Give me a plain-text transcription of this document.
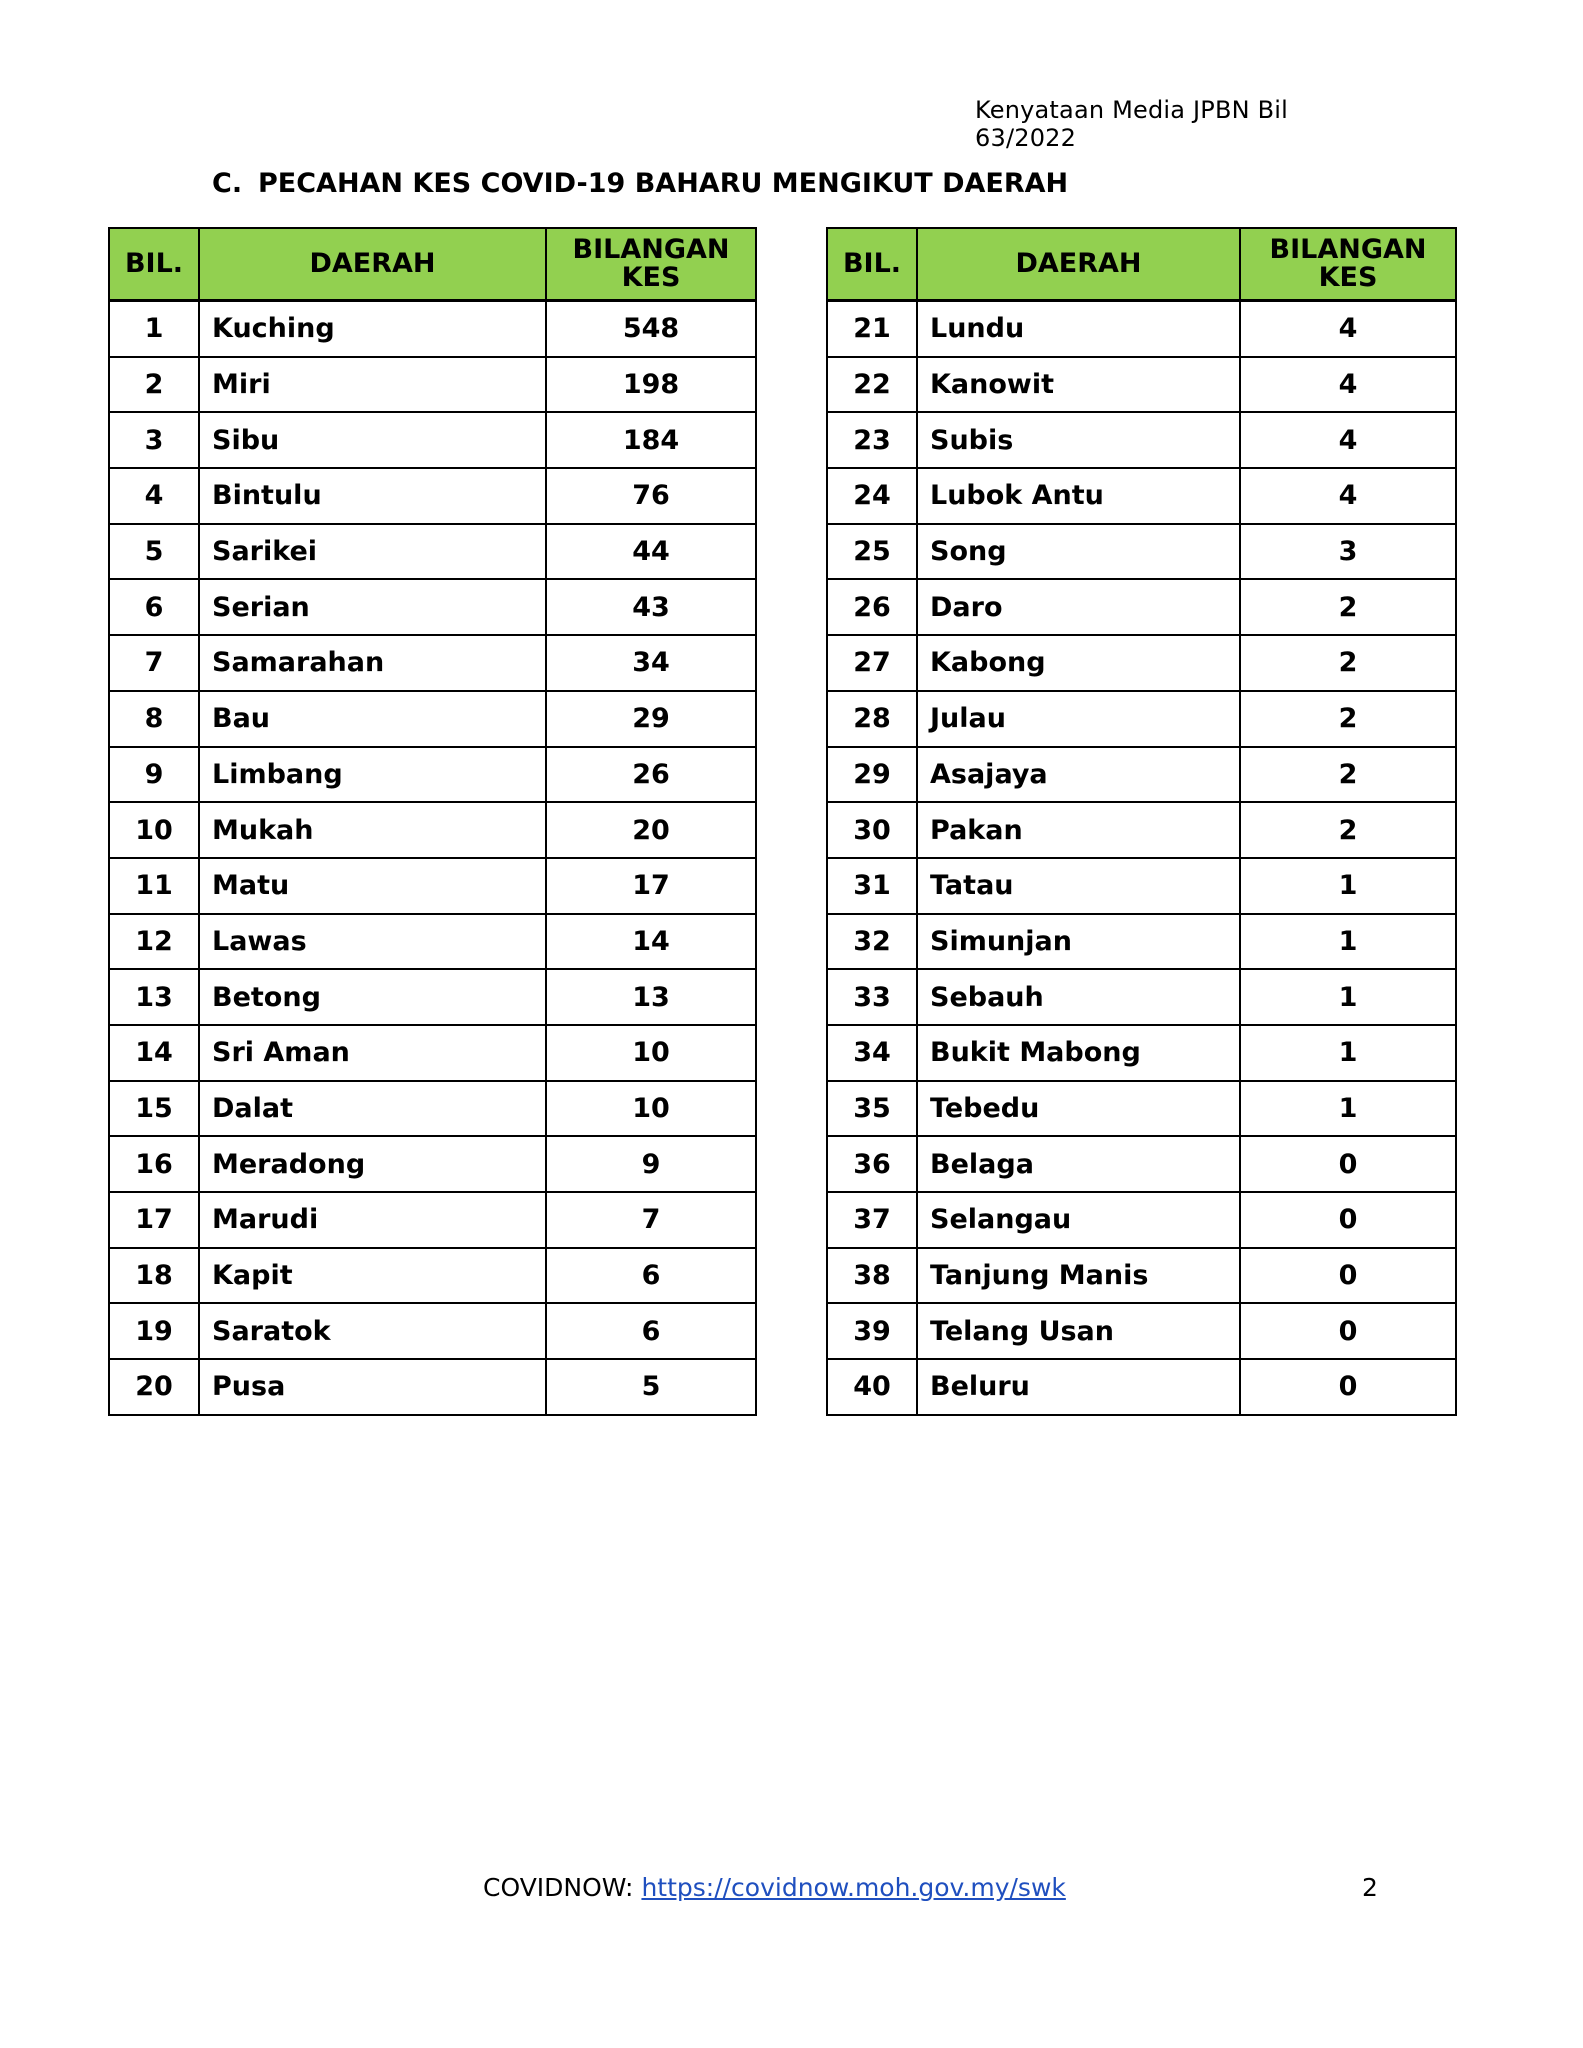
Kenyataan Media JPBN Bil 63/2022
C. PECAHAN KES COVID-19 BAHARU MENGIKUT DAERAH
BIL.	DAERAH	BILANGAN
KES
1	Kuching	548
2	Miri	198
3	Sibu	184
4	Bintulu	76
5	Sarikei	44
6	Serian	43
7	Samarahan	34
8	Bau	29
9	Limbang	26
10	Mukah	20
11	Matu	17
12	Lawas	14
13	Betong	13
14	Sri Aman	10
15	Dalat	10
16	Meradong	9
17	Marudi	7
18	Kapit	6
19	Saratok	6
20	Pusa	5
BIL.	DAERAH	BILANGAN
KES
21	Lundu	4
22	Kanowit	4
23	Subis	4
24	Lubok Antu	4
25	Song	3
26	Daro	2
27	Kabong	2
28	Julau	2
29	Asajaya	2
30	Pakan	2
31	Tatau	1
32	Simunjan	1
33	Sebauh	1
34	Bukit Mabong	1
35	Tebedu	1
36	Belaga	0
37	Selangau	0
38	Tanjung Manis	0
39	Telang Usan	0
40	Beluru	0
COVIDNOW: https://covidnow.moh.gov.my/swk	2
